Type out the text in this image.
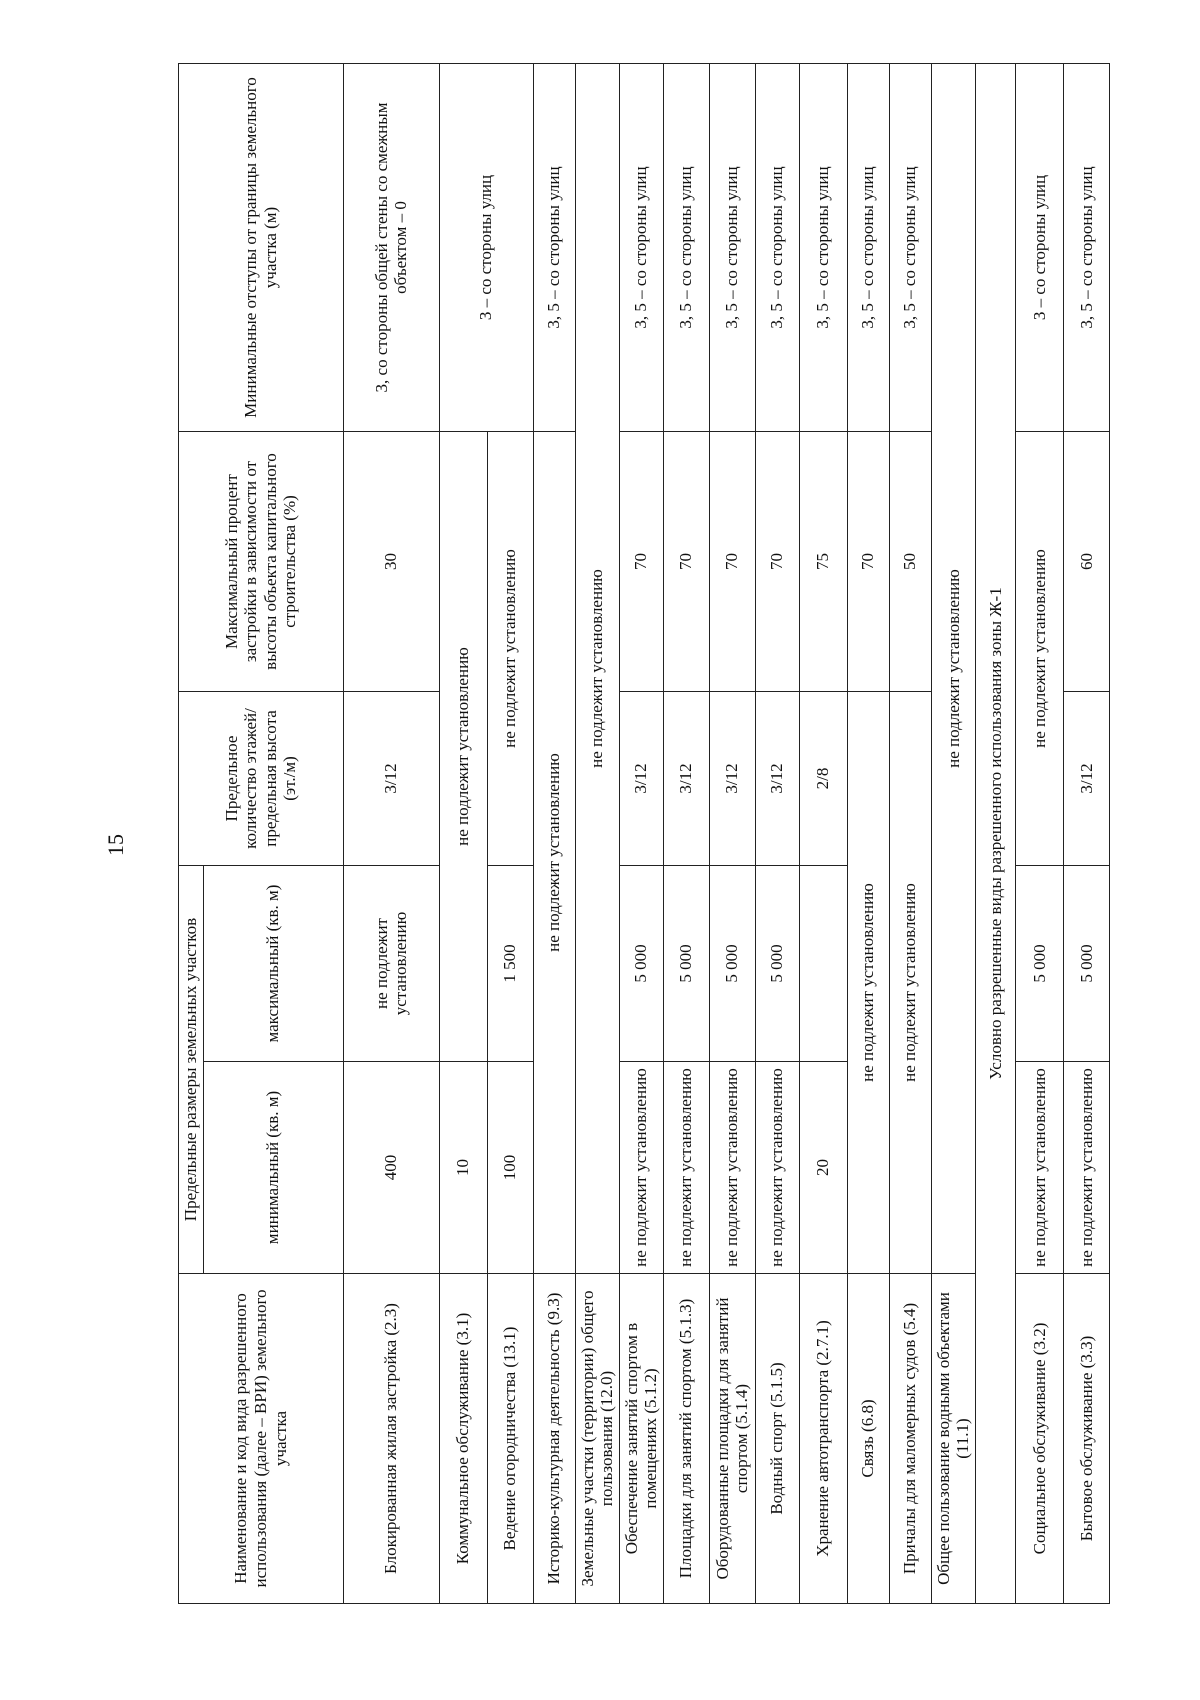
15
Наименование и код вида разрешенного использования (далее – ВРИ) земельного участка	Предельные размеры земельных участков		Предельное количество этажей/ предельная высота (эт./м)	Максимальный процент застройки в зависимости от высоты объекта капитального строительства (%)	Минимальные отступы от границы земельного участка (м)
	минимальный (кв. м)	максимальный (кв. м)			
Блокированная жилая застройка (2.3)	400	не подлежит установлению	3/12	30	3, со стороны общей стены со смежным объектом – 0
Коммунальное обслуживание (3.1)	10	не подлежит установлению			3 – со стороны улиц
Ведение огородничества (13.1)	100	1 500	не подлежит установлению		
Историко-культурная деятельность (9.3)	не подлежит установлению				3, 5 – со стороны улиц
Земельные участки (территории) общего пользования (12.0)	не подлежит установлению				
Обеспечение занятий спортом в помещениях (5.1.2)	не подлежит установлению	5 000	3/12	70	3, 5 – со стороны улиц
Площадки для занятий спортом (5.1.3)	не подлежит установлению	5 000	3/12	70	3, 5 – со стороны улиц
Оборудованные площадки для занятий спортом (5.1.4)	не подлежит установлению	5 000	3/12	70	3, 5 – со стороны улиц
Водный спорт (5.1.5)	не подлежит установлению	5 000	3/12	70	3, 5 – со стороны улиц
Хранение автотранспорта (2.7.1)	20		2/8	75	3, 5 – со стороны улиц
Связь (6.8)	не подлежит установлению			70	3, 5 – со стороны улиц
Причалы для маломерных судов (5.4)	не подлежит установлению			50	3, 5 – со стороны улиц
Общее пользование водными объектами (11.1)	не подлежит установлению				
Условно разрешенные виды разрешенного использования зоны Ж-1					
Социальное обслуживание (3.2)	не подлежит установлению	5 000	не подлежит установлению		3 – со стороны улиц
Бытовое обслуживание (3.3)	не подлежит установлению	5 000	3/12	60	3, 5 – со стороны улиц
